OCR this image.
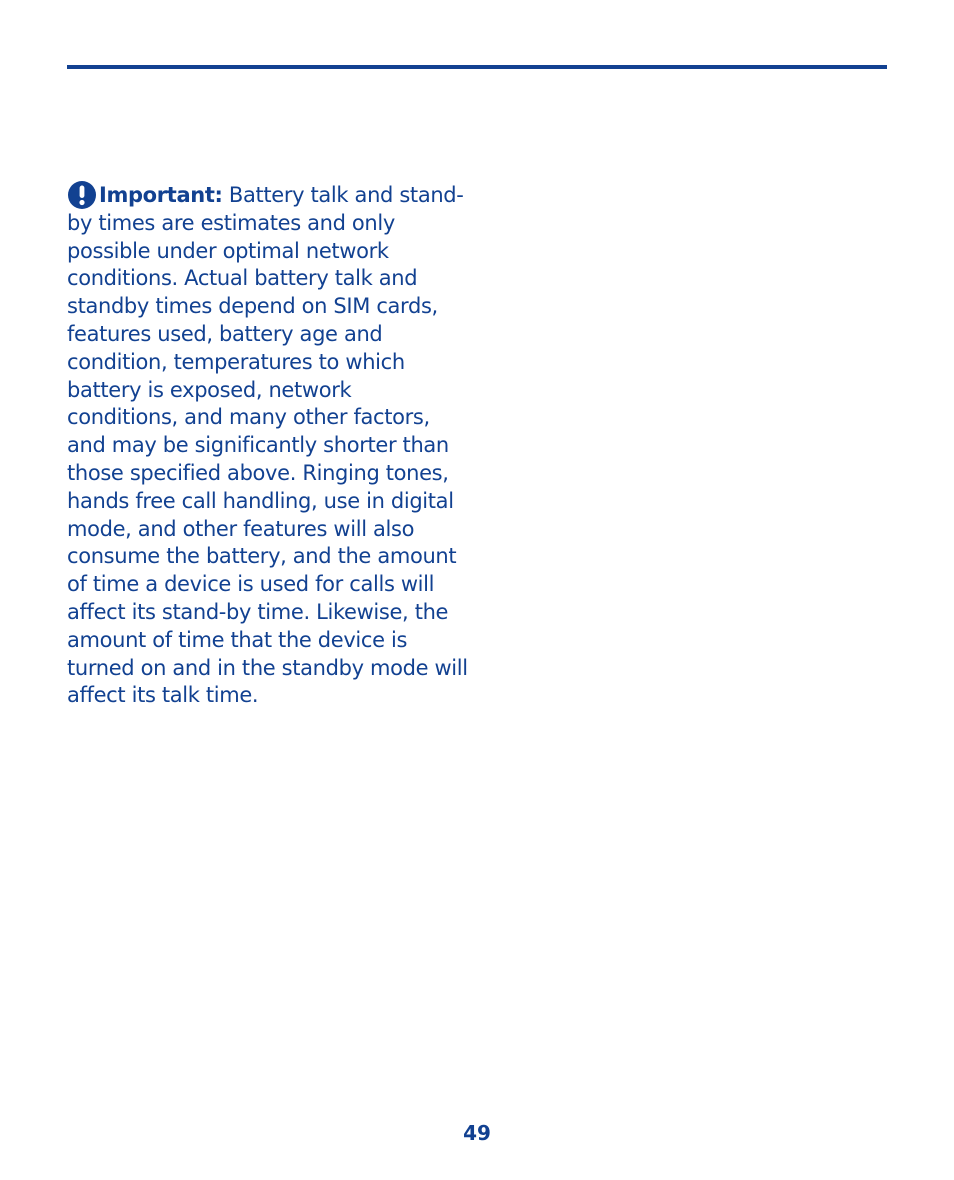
Important: Battery talk and stand-
by times are estimates and only
possible under optimal network
conditions. Actual battery talk and
standby times depend on SIM cards,
features used, battery age and
condition, temperatures to which
battery is exposed, network
conditions, and many other factors,
and may be significantly shorter than
those specified above. Ringing tones,
hands free call handling, use in digital
mode, and other features will also
consume the battery, and the amount
of time a device is used for calls will
affect its stand-by time. Likewise, the
amount of time that the device is
turned on and in the standby mode will
affect its talk time.
49
